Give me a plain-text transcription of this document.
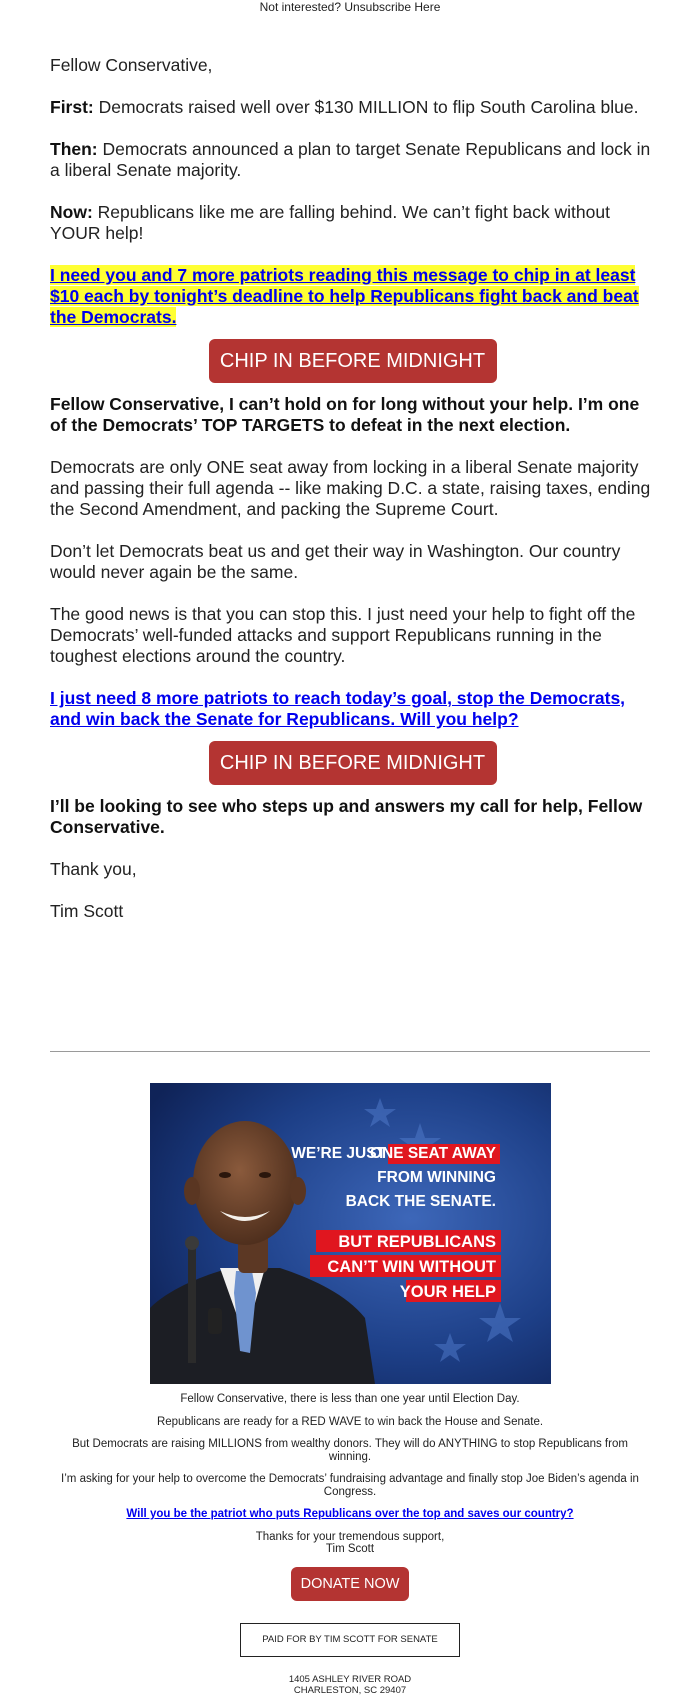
Not interested? Unsubscribe Here

Fellow Conservative,

First: Democrats raised well over $130 MILLION to flip South Carolina blue.

Then: Democrats announced a plan to target Senate Republicans and lock in a liberal Senate majority.

Now: Republicans like me are falling behind. We can’t fight back without YOUR help!

I need you and 7 more patriots reading this message to chip in at least $10 each by tonight’s deadline to help Republicans fight back and beat the Democrats.

CHIP IN BEFORE MIDNIGHT

Fellow Conservative, I can’t hold on for long without your help. I’m one of the Democrats’ TOP TARGETS to defeat in the next election.

Democrats are only ONE seat away from locking in a liberal Senate majority and passing their full agenda -- like making D.C. a state, raising taxes, ending the Second Amendment, and packing the Supreme Court.

Don’t let Democrats beat us and get their way in Washington. Our country would never again be the same.

The good news is that you can stop this. I just need your help to fight off the Democrats’ well-funded attacks and support Republicans running in the toughest elections around the country.

I just need 8 more patriots to reach today’s goal, stop the Democrats, and win back the Senate for Republicans. Will you help?

CHIP IN BEFORE MIDNIGHT

I’ll be looking to see who steps up and answers my call for help, Fellow Conservative.

Thank you,

Tim Scott

WE’RE JUST
ONE SEAT AWAY
FROM WINNING
BACK THE SENATE.
BUT REPUBLICANS
CAN’T WIN WITHOUT
YOUR HELP

Fellow Conservative, there is less than one year until Election Day.

Republicans are ready for a RED WAVE to win back the House and Senate.

But Democrats are raising MILLIONS from wealthy donors. They will do ANYTHING to stop Republicans from winning.

I’m asking for your help to overcome the Democrats’ fundraising advantage and finally stop Joe Biden’s agenda in Congress.

Will you be the patriot who puts Republicans over the top and saves our country?

Thanks for your tremendous support,
Tim Scott

DONATE NOW
PAID FOR BY TIM SCOTT FOR SENATE
1405 ASHLEY RIVER ROAD
CHARLESTON, SC 29407
